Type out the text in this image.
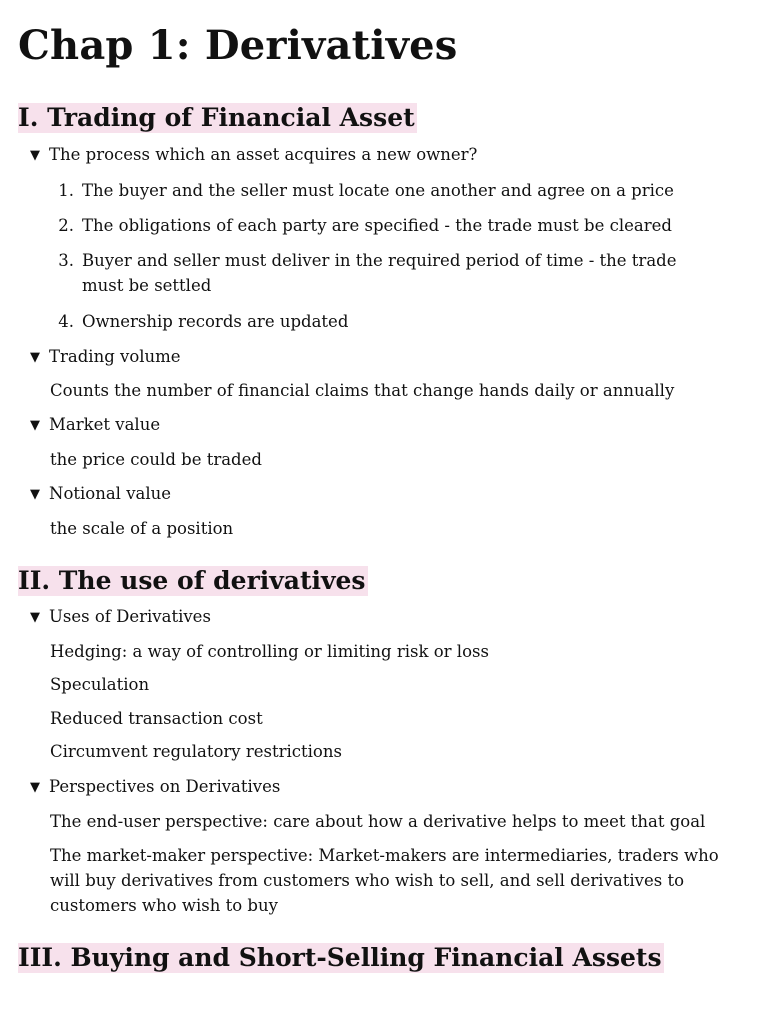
Chap 1: Derivatives
I. Trading of Financial Asset
▼ The process which an asset acquires a new owner?
1. The buyer and the seller must locate one another and agree on a price
2. The obligations of each party are specified - the trade must be cleared
3. Buyer and seller must deliver in the required period of time - the trade must be settled
4. Ownership records are updated
▼ Trading volume
Counts the number of financial claims that change hands daily or annually
▼ Market value
the price could be traded
▼ Notional value
the scale of a position
II. The use of derivatives
▼ Uses of Derivatives
Hedging: a way of controlling or limiting risk or loss
Speculation
Reduced transaction cost
Circumvent regulatory restrictions
▼ Perspectives on Derivatives
The end-user perspective: care about how a derivative helps to meet that goal
The market-maker perspective: Market-makers are intermediaries, traders who will buy derivatives from customers who wish to sell, and sell derivatives to customers who wish to buy
III. Buying and Short-Selling Financial Assets
